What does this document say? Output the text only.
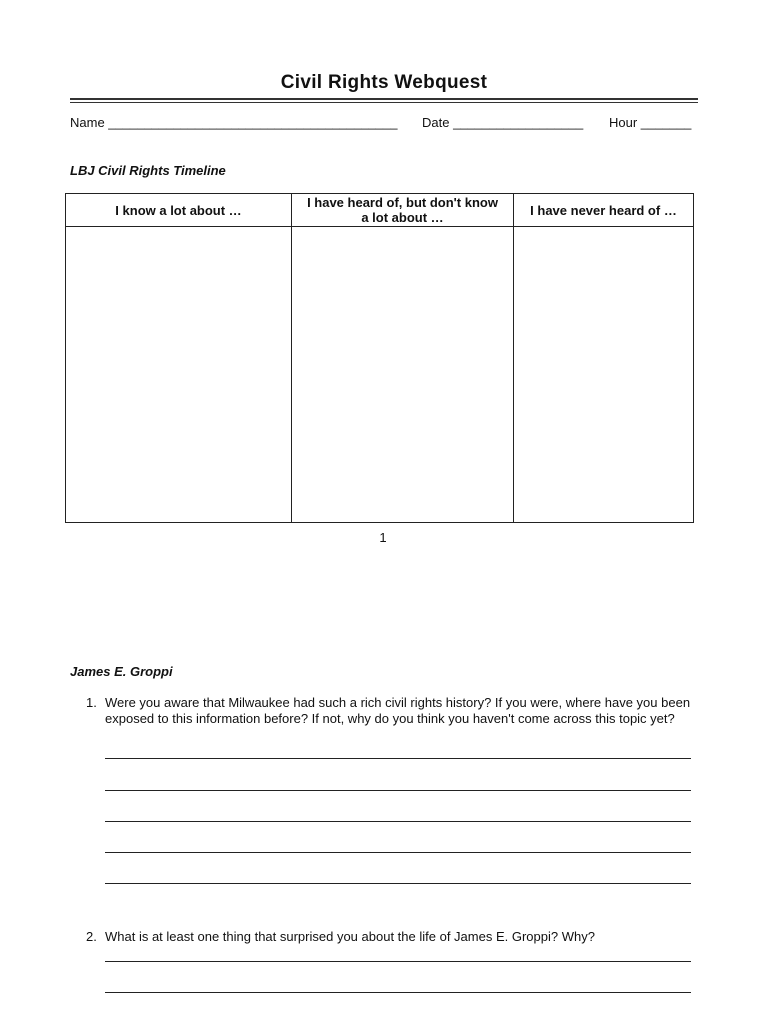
Civil Rights Webquest
Name ________________________________________ Date __________________ Hour _______
LBJ Civil Rights Timeline
I know a lot about …	I have heard of, but don't know a lot about …	I have never heard of …

1
James E. Groppi
1. Were you aware that Milwaukee had such a rich civil rights history? If you were, where have you been exposed to this information before? If not, why do you think you haven't come across this topic yet?
2. What is at least one thing that surprised you about the life of James E. Groppi? Why?
